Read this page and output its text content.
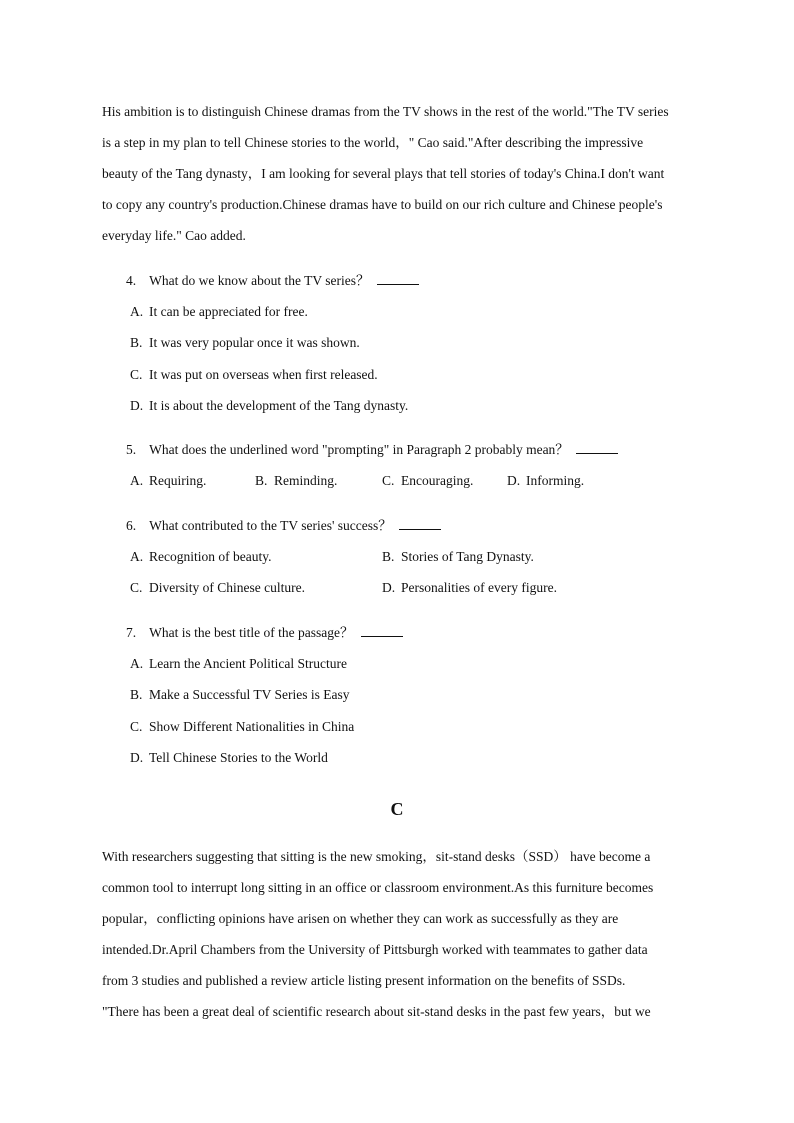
His ambition is to distinguish Chinese dramas from the TV shows in the rest of the world."The TV series
is a step in my plan to tell Chinese stories to the world，" Cao said."After describing the impressive
beauty of the Tang dynasty，I am looking for several plays that tell stories of today's China.I don't want
to copy any country's production.Chinese dramas have to build on our rich culture and Chinese people's
everyday life." Cao added.
4. What do we know about the TV series？
A. It can be appreciated for free.
B. It was very popular once it was shown.
C. It was put on overseas when first released.
D. It is about the development of the Tang dynasty.
5. What does the underlined word "prompting" in Paragraph 2 probably mean？
A. Requiring.	B. Reminding.	C. Encouraging. D. Informing.
6. What contributed to the TV series' success？
A. Recognition of beauty.	B. Stories of Tang Dynasty.
C. Diversity of Chinese culture.	D. Personalities of every figure.
7. What is the best title of the passage？
A. Learn the Ancient Political Structure
B. Make a Successful TV Series is Easy
C. Show Different Nationalities in China
D. Tell Chinese Stories to the World
C
With researchers suggesting that sitting is the new smoking，sit-stand desks（SSD） have become a
common tool to interrupt long sitting in an office or classroom environment.As this furniture becomes
popular，conflicting opinions have arisen on whether they can work as successfully as they are
intended.Dr.April Chambers from the University of Pittsburgh worked with teammates to gather data
from 3 studies and published a review article listing present information on the benefits of SSDs.
"There has been a great deal of scientific research about sit-stand desks in the past few years，but we
